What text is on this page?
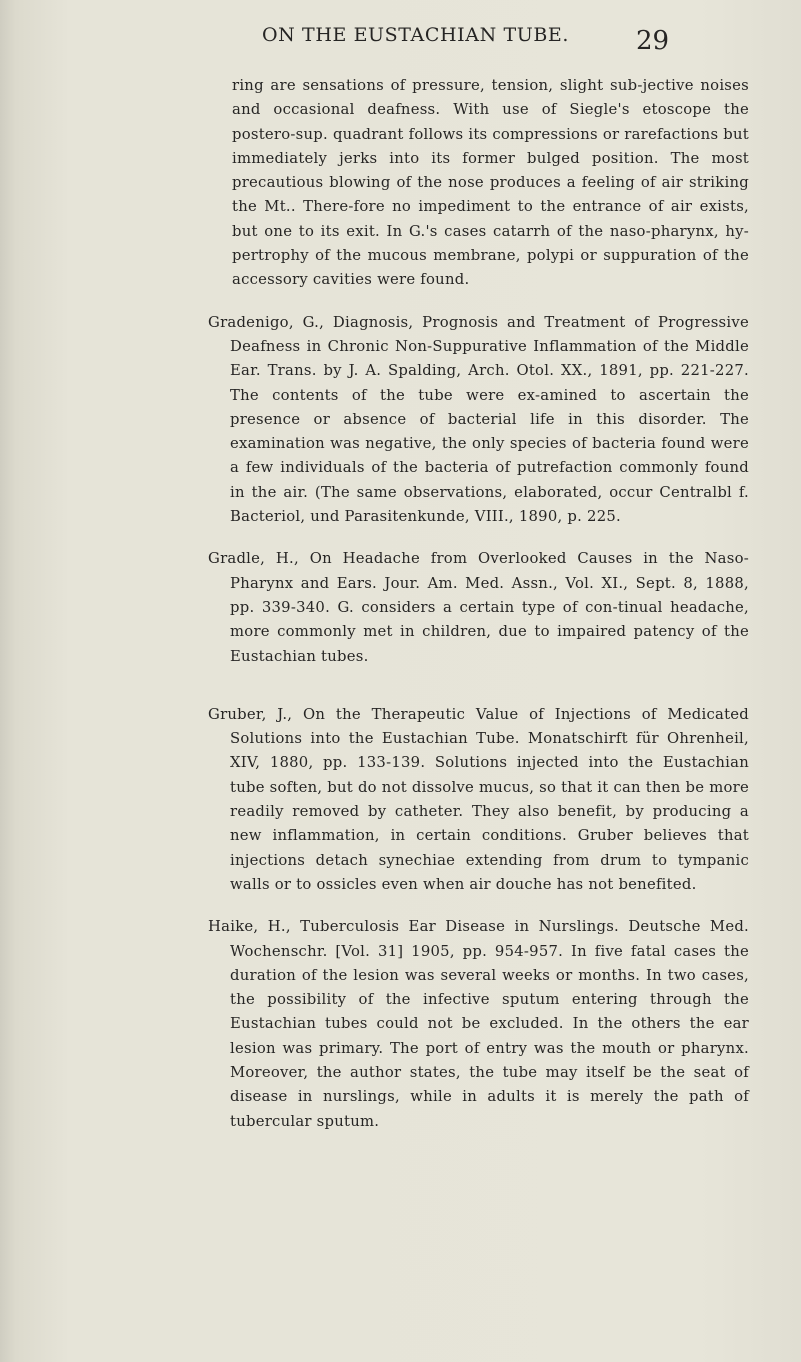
ON THE EUSTACHIAN TUBE.	29

ring are sensations of pressure, tension, slight sub-jective noises and occasional deafness. With use of Siegle's etoscope the postero-sup. quadrant follows its compressions or rarefactions but immediately jerks into its former bulged position. The most precautious blowing of the nose produces a feeling of air striking the Mt.. There-fore no impediment to the entrance of air exists, but one to its exit. In G.'s cases catarrh of the naso-pharynx, hy-pertrophy of the mucous membrane, polypi or suppuration of the accessory cavities were found.

Gradenigo, G., Diagnosis, Prognosis and Treatment of Progressive Deafness in Chronic Non-Suppurative Inflammation of the Middle Ear. Trans. by J. A. Spalding, Arch. Otol. XX., 1891, pp. 221-227. The contents of the tube were ex-amined to ascertain the presence or absence of bacterial life in this disorder. The examination was negative, the only species of bacteria found were a few individuals of the bacteria of putrefaction commonly found in the air. (The same observations, elaborated, occur Centralbl f. Bacteriol, und Parasitenkunde, VIII., 1890, p. 225.

Gradle, H., On Headache from Overlooked Causes in the Naso-Pharynx and Ears. Jour. Am. Med. Assn., Vol. XI., Sept. 8, 1888, pp. 339-340. G. considers a certain type of con-tinual headache, more commonly met in children, due to impaired patency of the Eustachian tubes.

Gruber, J., On the Therapeutic Value of Injections of Medicated Solutions into the Eustachian Tube. Monatschirft für Ohrenheil, XIV, 1880, pp. 133-139. Solutions injected into the Eustachian tube soften, but do not dissolve mucus, so that it can then be more readily removed by catheter. They also benefit, by producing a new inflammation, in certain conditions. Gruber believes that injections detach synechiae extending from drum to tympanic walls or to ossicles even when air douche has not benefited.

Haike, H., Tuberculosis Ear Disease in Nurslings. Deutsche Med. Wochenschr. [Vol. 31] 1905, pp. 954-957. In five fatal cases the duration of the lesion was several weeks or months. In two cases, the possibility of the infective sputum entering through the Eustachian tubes could not be excluded. In the others the ear lesion was primary. The port of entry was the mouth or pharynx. Moreover, the author states, the tube may itself be the seat of disease in nurslings, while in adults it is merely the path of tubercular sputum.
